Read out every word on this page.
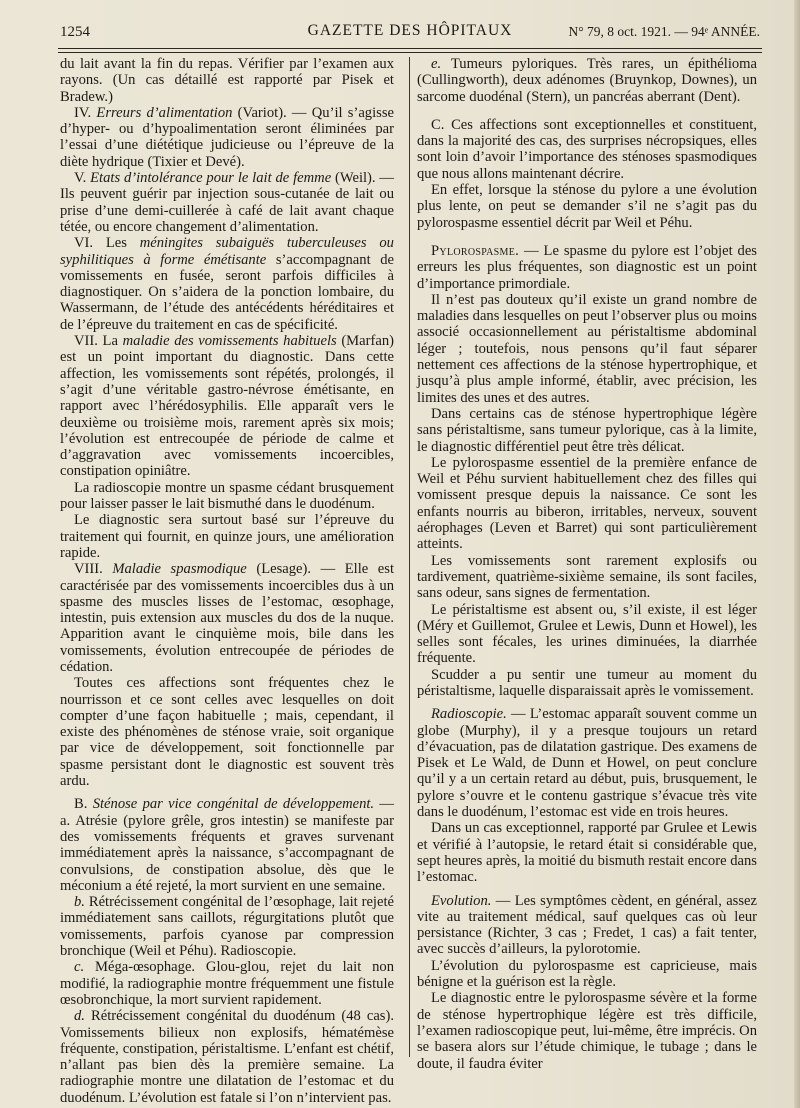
1254	GAZETTE DES HÔPITAUX	N° 79, 8 oct. 1921. — 94ᵉ ANNÉE.

du lait avant la fin du repas. Vérifier par l’examen aux rayons. (Un cas détaillé est rapporté par Pisek et Bradew.)

IV. Erreurs d’alimentation (Variot). — Qu’il s’agisse d’hyper- ou d’hypoalimentation seront éliminées par l’essai d’une diététique judicieuse ou l’épreuve de la diète hydrique (Tixier et Devé).

V. Etats d’intolérance pour le lait de femme (Weil). — Ils peuvent guérir par injection sous-cutanée de lait ou prise d’une demi-cuillerée à café de lait avant chaque tétée, ou encore changement d’alimentation.

VI. Les méningites subaiguës tuberculeuses ou syphilitiques à forme émétisante s’accompagnant de vomissements en fusée, seront parfois difficiles à diagnostiquer. On s’aidera de la ponction lombaire, du Wassermann, de l’étude des antécédents héréditaires et de l’épreuve du traitement en cas de spécificité.

VII. La maladie des vomissements habituels (Marfan) est un point important du diagnostic. Dans cette affection, les vomissements sont répétés, prolongés, il s’agit d’une véritable gastro-névrose émétisante, en rapport avec l’hérédosyphilis. Elle apparaît vers le deuxième ou troisième mois, rarement après six mois; l’évolution est entrecoupée de période de calme et d’aggravation avec vomissements incoercibles, constipation opiniâtre.

La radioscopie montre un spasme cédant brusquement pour laisser passer le lait bismuthé dans le duodénum.

Le diagnostic sera surtout basé sur l’épreuve du traitement qui fournit, en quinze jours, une amélioration rapide.

VIII. Maladie spasmodique (Lesage). — Elle est caractérisée par des vomissements incoercibles dus à un spasme des muscles lisses de l’estomac, œsophage, intestin, puis extension aux muscles du dos de la nuque. Apparition avant le cinquième mois, bile dans les vomissements, évolution entrecoupée de périodes de cédation.

Toutes ces affections sont fréquentes chez le nourrisson et ce sont celles avec lesquelles on doit compter d’une façon habituelle ; mais, cependant, il existe des phénomènes de sténose vraie, soit organique par vice de développement, soit fonctionnelle par spasme persistant dont le diagnostic est souvent très ardu.

B. Sténose par vice congénital de développement. — a. Atrésie (pylore grêle, gros intestin) se manifeste par des vomissements fréquents et graves survenant immédiatement après la naissance, s’accompagnant de convulsions, de constipation absolue, dès que le méconium a été rejeté, la mort survient en une semaine.

b. Rétrécissement congénital de l’œsophage, lait rejeté immédiatement sans caillots, régurgitations plutôt que vomissements, parfois cyanose par compression bronchique (Weil et Péhu). Radioscopie.

c. Méga-œsophage. Glou-glou, rejet du lait non modifié, la radiographie montre fréquemment une fistule œsobronchique, la mort survient rapidement.

d. Rétrécissement congénital du duodénum (48 cas). Vomissements bilieux non explosifs, hématémèse fréquente, constipation, péristaltisme. L’enfant est chétif, n’allant pas bien dès la première semaine. La radiographie montre une dilatation de l’estomac et du duodénum. L’évolution est fatale si l’on n’intervient pas.

e. Tumeurs pyloriques. Très rares, un épithélioma (Cullingworth), deux adénomes (Bruynkop, Downes), un sarcome duodénal (Stern), un pancréas aberrant (Dent).

C. Ces affections sont exceptionnelles et constituent, dans la majorité des cas, des surprises nécropsiques, elles sont loin d’avoir l’importance des sténoses spasmodiques que nous allons maintenant décrire.

En effet, lorsque la sténose du pylore a une évolution plus lente, on peut se demander s’il ne s’agit pas du pylorospasme essentiel décrit par Weil et Péhu.

Pylorospasme. — Le spasme du pylore est l’objet des erreurs les plus fréquentes, son diagnostic est un point d’importance primordiale.

Il n’est pas douteux qu’il existe un grand nombre de maladies dans lesquelles on peut l’observer plus ou moins associé occasionnellement au péristaltisme abdominal léger ; toutefois, nous pensons qu’il faut séparer nettement ces affections de la sténose hypertrophique, et jusqu’à plus ample informé, établir, avec précision, les limites des unes et des autres.

Dans certains cas de sténose hypertrophique légère sans péristaltisme, sans tumeur pylorique, cas à la limite, le diagnostic différentiel peut être très délicat.

Le pylorospasme essentiel de la première enfance de Weil et Péhu survient habituellement chez des filles qui vomissent presque depuis la naissance. Ce sont les enfants nourris au biberon, irritables, nerveux, souvent aérophages (Leven et Barret) qui sont particulièrement atteints.

Les vomissements sont rarement explosifs ou tardivement, quatrième-sixième semaine, ils sont faciles, sans odeur, sans signes de fermentation.

Le péristaltisme est absent ou, s’il existe, il est léger (Méry et Guillemot, Grulee et Lewis, Dunn et Howel), les selles sont fécales, les urines diminuées, la diarrhée fréquente.

Scudder a pu sentir une tumeur au moment du péristaltisme, laquelle disparaissait après le vomissement.

Radioscopie. — L’estomac apparaît souvent comme un globe (Murphy), il y a presque toujours un retard d’évacuation, pas de dilatation gastrique. Des examens de Pisek et Le Wald, de Dunn et Howel, on peut conclure qu’il y a un certain retard au début, puis, brusquement, le pylore s’ouvre et le contenu gastrique s’évacue très vite dans le duodénum, l’estomac est vide en trois heures.

Dans un cas exceptionnel, rapporté par Grulee et Lewis et vérifié à l’autopsie, le retard était si considérable que, sept heures après, la moitié du bismuth restait encore dans l’estomac.

Evolution. — Les symptômes cèdent, en général, assez vite au traitement médical, sauf quelques cas où leur persistance (Richter, 3 cas ; Fredet, 1 cas) a fait tenter, avec succès d’ailleurs, la pylorotomie.

L’évolution du pylorospasme est capricieuse, mais bénigne et la guérison est la règle.

Le diagnostic entre le pylorospasme sévère et la forme de sténose hypertrophique légère est très difficile, l’examen radioscopique peut, lui-même, être imprécis. On se basera alors sur l’étude chimique, le tubage ; dans le doute, il faudra éviter
